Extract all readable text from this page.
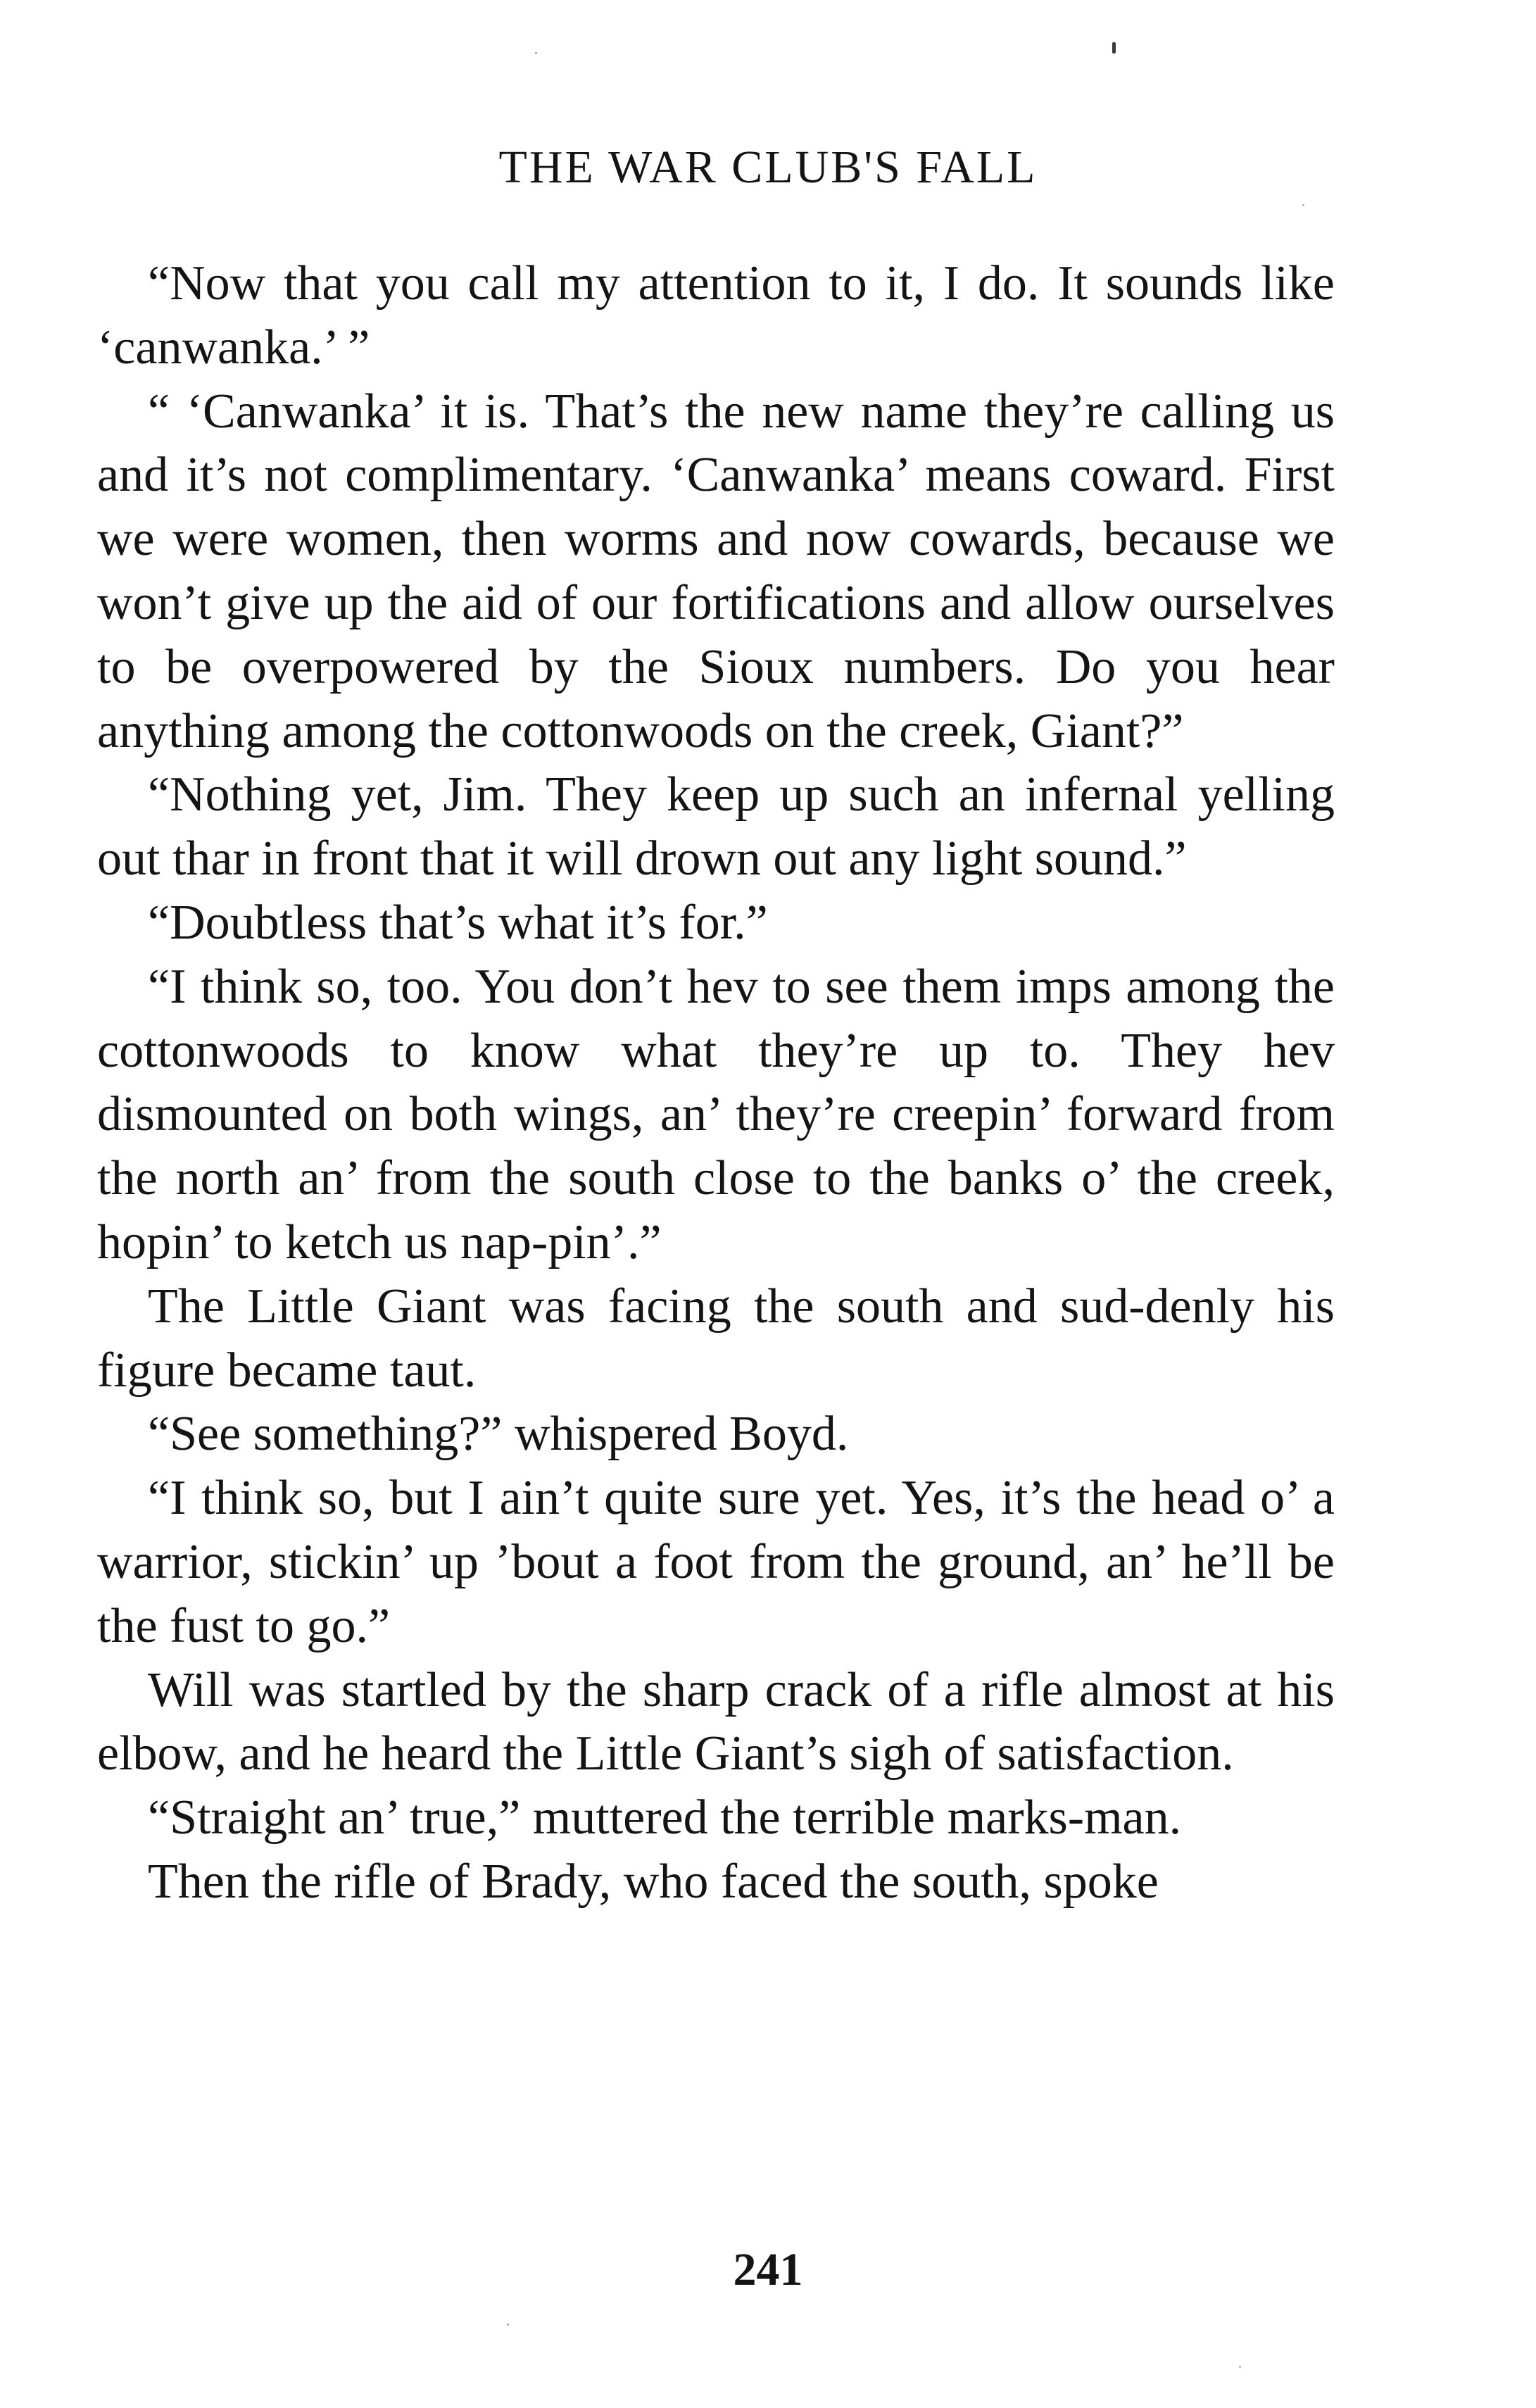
THE WAR CLUB'S FALL

“Now that you call my attention to it, I do. It sounds like ‘canwanka.’ ”

“ ‘Canwanka’ it is. That’s the new name they’re calling us and it’s not complimentary. ‘Canwanka’ means coward. First we were women, then worms and now cowards, because we won’t give up the aid of our fortifications and allow ourselves to be overpowered by the Sioux numbers. Do you hear anything among the cottonwoods on the creek, Giant?”

“Nothing yet, Jim. They keep up such an infernal yelling out thar in front that it will drown out any light sound.”

“Doubtless that’s what it’s for.”

“I think so, too. You don’t hev to see them imps among the cottonwoods to know what they’re up to. They hev dismounted on both wings, an’ they’re creepin’ forward from the north an’ from the south close to the banks o’ the creek, hopin’ to ketch us nap-pin’.”

The Little Giant was facing the south and sud-denly his figure became taut.

“See something?” whispered Boyd.

“I think so, but I ain’t quite sure yet. Yes, it’s the head o’ a warrior, stickin’ up ’bout a foot from the ground, an’ he’ll be the fust to go.”

Will was startled by the sharp crack of a rifle almost at his elbow, and he heard the Little Giant’s sigh of satisfaction.

“Straight an’ true,” muttered the terrible marks-man.

Then the rifle of Brady, who faced the south, spoke

241
